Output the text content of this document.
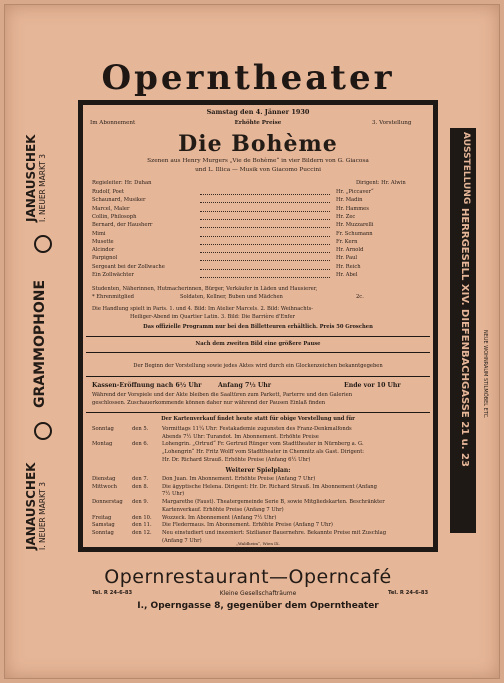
Opernthea​ter
Samstag den 4. Jänner 1930
Im Abonnement	Erhöhte Preise	3. Vorstellung
Die Bohème
Szenen aus Henry Murgers „Vie de Bohème“ in vier Bildern von G. Giacosa
und L. Illica — Musik von Giacomo Puccini
Regieleiter: Hr. Duhan	Dirigent: Hr. Alwin
Rudolf, Poet	Hr. „Piccaver“
Schaunard, Musiker	Hr. Madin
Marcel, Maler	Hr. Hammes
Collin, Philosoph	Hr. Zec
Bernard, der Hausherr	Hr. Muzzarelli
Mimi	Fr. Schumann
Musette	Fr. Kern
Alcindor	Hr. Arnold
Parpignol	Hr. Paul
Sergeant bei der Zollwache	Hr. Reich
Ein Zollwächter	Hr. Abel
Studenten, Näherinnen, Hutmacherinnen, Bürger, Verkäufer in Läden und Hausierer,
* Ehrenmitglied	Soldaten, Kellner, Buben und Mädchen	2c.
Die Handlung spielt in Paris. 1. und 4. Bild: Im Atelier Marcels. 2. Bild: Weihnachts-
Heiliger-Abend im Quartier Latin. 3. Bild: Die Barrière d'Enfer
Das offizielle Programm nur bei den Billetteuren erhältlich. Preis 50 Groschen
Nach dem zweiten Bild eine größere Pause
Der Beginn der Vorstellung sowie jedes Aktes wird durch ein Glockenzeichen bekanntgegeben
Kassen-Eröffnung nach 6½ Uhr	Anfang 7½ Uhr	Ende vor 10 Uhr
Während der Vorspiele und der Akte bleiben die Saaltüren zum Parkett, Parterre und den Galerien
geschlossen. Zuschauerkommende können daher nur während der Pausen Einlaß finden
Der Kartenverkauf findet heute statt für obige Vorstellung und für
Sonntag	den 5.	Vormittags 11¼ Uhr: Festakademie zugunsten des Franz-Denkmalfonds
Abends 7½ Uhr: Turandot. Im Abonnement. Erhöhte Preise
Montag	den 6.	Lohengrin. „Ortrud“ Fr. Gertrud Rünger vom Stadttheater in Nürnberg a. G.
„Lohengrin“ Hr. Fritz Wolff vom Stadttheater in Chemnitz als Gast. Dirigent:
Hr. Dr. Richard Strauß. Erhöhte Preise (Anfang 6½ Uhr)
Weiterer Spielplan:
Dienstag	den 7.	Don Juan. Im Abonnement. Erhöhte Preise (Anfang 7 Uhr)
Mittwoch	den 8.	Die ägyptische Helena. Dirigent: Hr. Dr. Richard Strauß. Im Abonnement (Anfang
7½ Uhr)
Donnerstag den 9.	Margarethe (Faust). Theatergemeinde Serie B, sowie Mitgliedskarten. Beschränkter
Kartenverkauf. Erhöhte Preise (Anfang 7 Uhr)
Freitag	den 10. Wozzeck. Im Abonnement (Anfang 7½ Uhr)
Samstag	den 11. Die Fledermaus. Im Abonnement. Erhöhte Preise (Anfang 7 Uhr)
Sonntag	den 12. Neu einstudiert und inszeniert: Sizilianer Bauernehre. Bekannte Preise mit Zuschlag
(Anfang 7 Uhr)	„Waldheim“, Wien IX.
Opernrestaurant—Operncafé
Tel. R 24-6-83	Kleine Gesellschafträume	Tel. R 24-6-83
I., Operngasse 8, gegenüber dem Operntheater
JANAUSCHEK I. NEUER MARKT 3
GRAMMOPHONE
JANAUSCHEK I. NEUER MARKT 3
AUSSTELLUNG
HERRGESELL XIV. DIEFENBACHGASSE 21 u. 23 NEUE WOHNRAUM STILMÖBEL ETC.
